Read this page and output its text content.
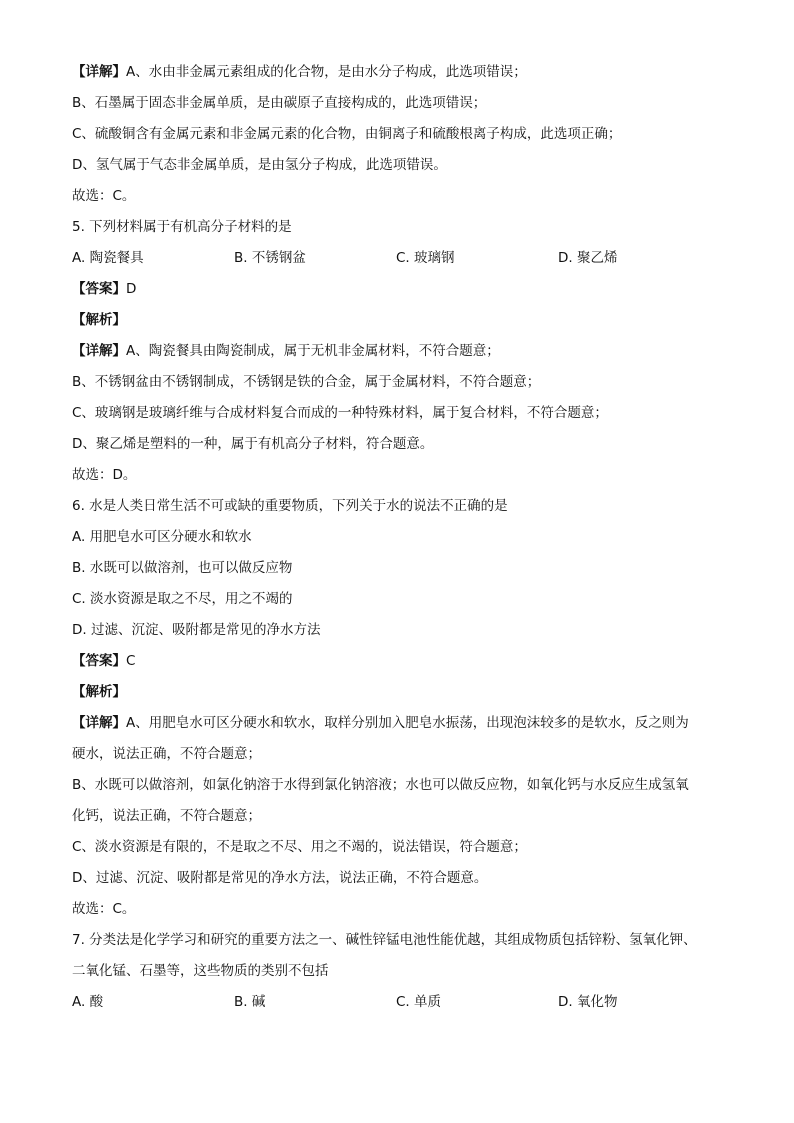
【详解】A、水由非金属元素组成的化合物，是由水分子构成，此选项错误；
B、石墨属于固态非金属单质，是由碳原子直接构成的，此选项错误；
C、硫酸铜含有金属元素和非金属元素的化合物，由铜离子和硫酸根离子构成，此选项正确；
D、氢气属于气态非金属单质，是由氢分子构成，此选项错误。
故选：C。
5. 下列材料属于有机高分子材料的是
A. 陶瓷餐具	B. 不锈钢盆	C. 玻璃钢	D. 聚乙烯
【答案】D
【解析】
【详解】A、陶瓷餐具由陶瓷制成，属于无机非金属材料，不符合题意；
B、不锈钢盆由不锈钢制成，不锈钢是铁的合金，属于金属材料，不符合题意；
C、玻璃钢是玻璃纤维与合成材料复合而成的一种特殊材料，属于复合材料，不符合题意；
D、聚乙烯是塑料的一种，属于有机高分子材料，符合题意。
故选：D。
6. 水是人类日常生活不可或缺的重要物质，下列关于水的说法不正确的是
A. 用肥皂水可区分硬水和软水
B. 水既可以做溶剂，也可以做反应物
C. 淡水资源是取之不尽，用之不竭的
D. 过滤、沉淀、吸附都是常见的净水方法
【答案】C
【解析】
【详解】A、用肥皂水可区分硬水和软水，取样分别加入肥皂水振荡，出现泡沫较多的是软水，反之则为
硬水，说法正确，不符合题意；
B、水既可以做溶剂，如氯化钠溶于水得到氯化钠溶液；水也可以做反应物，如氧化钙与水反应生成氢氧
化钙，说法正确，不符合题意；
C、淡水资源是有限的，不是取之不尽、用之不竭的，说法错误，符合题意；
D、过滤、沉淀、吸附都是常见的净水方法，说法正确，不符合题意。
故选：C。
7. 分类法是化学学习和研究的重要方法之一、碱性锌锰电池性能优越，其组成物质包括锌粉、氢氧化钾、
二氧化锰、石墨等，这些物质的类别不包括
A. 酸	B. 碱	C. 单质	D. 氧化物
